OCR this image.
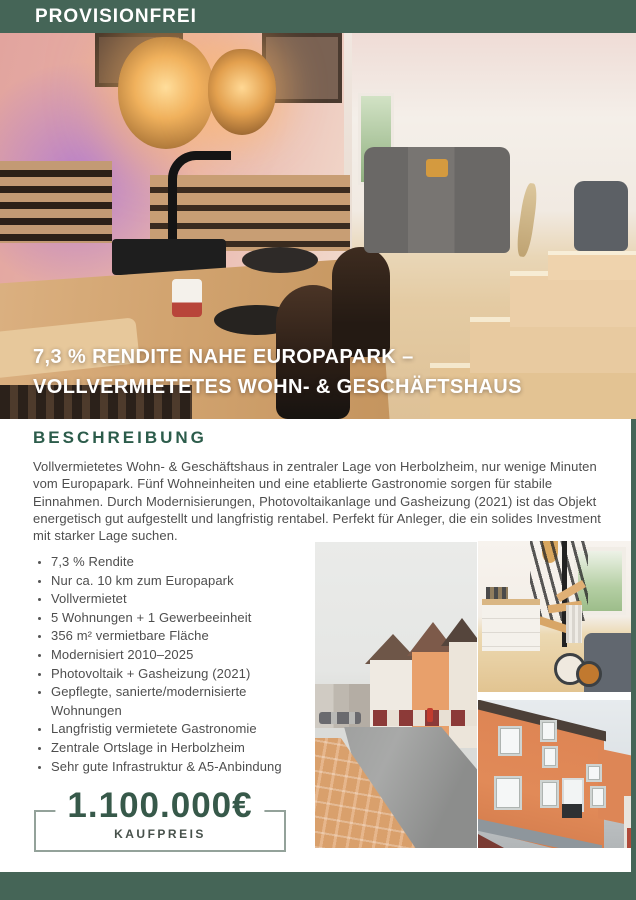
PROVISIONFREI
7,3 % RENDITE NAHE EUROPAPARK –
VOLLVERMIETETES WOHN- & GESCHÄFTSHAUS
BESCHREIBUNG

Vollvermietetes Wohn- & Geschäftshaus in zentraler Lage von Herbolzheim, nur wenige Minuten vom Europapark. Fünf Wohneinheiten und eine etablierte Gastronomie sorgen für stabile Einnahmen. Durch Modernisierungen, Photovoltaikanlage und Gasheizung (2021) ist das Objekt energetisch gut aufgestellt und langfristig rentabel. Perfekt für Anleger, die ein solides Investment mit starker Lage suchen.

• 7,3 % Rendite
• Nur ca. 10 km zum Europapark
• Vollvermietet
• 5 Wohnungen + 1 Gewerbeeinheit
• 356 m² vermietbare Fläche
• Modernisiert 2010–2025
• Photovoltaik + Gasheizung (2021)
• Gepflegte, sanierte/modernisierte Wohnungen
• Langfristig vermietete Gastronomie
• Zentrale Ortslage in Herbolzheim
• Sehr gute Infrastruktur & A5-Anbindung
1.100.000€
KAUFPREIS
